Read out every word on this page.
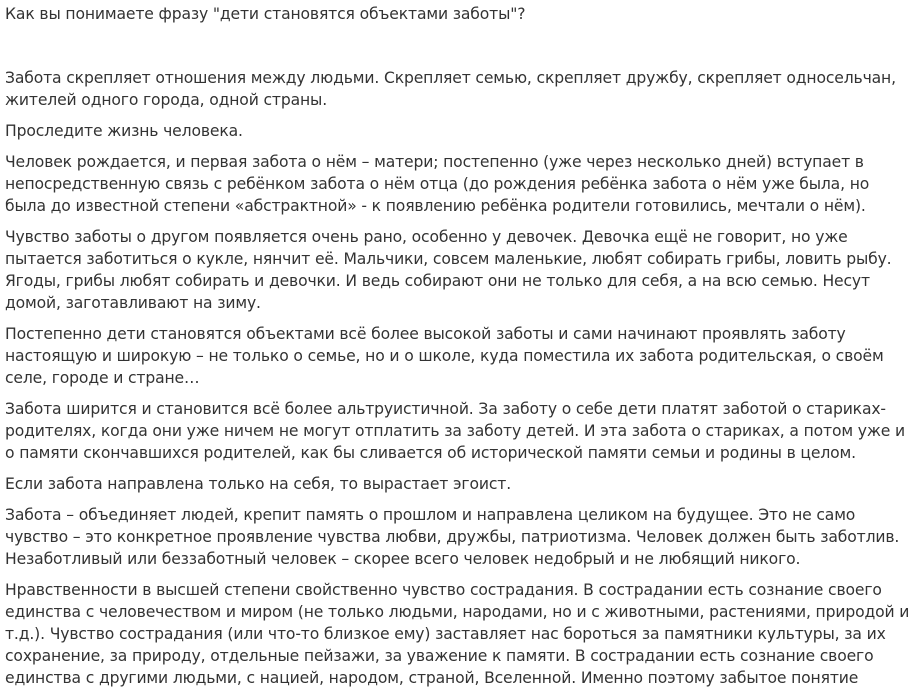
Как вы понимаете фразу "дети становятся объектами заботы"?

Забота скрепляет отношения между людьми. Скрепляет семью, скрепляет дружбу, скрепляет односельчан, жителей одного города, одной страны.

Проследите жизнь человека.

Человек рождается, и первая забота о нём – матери; постепенно (уже через несколько дней) вступает в непосредственную связь с ребёнком забота о нём отца (до рождения ребёнка забота о нём уже была, но была до известной степени «абстрактной» - к появлению ребёнка родители готовились, мечтали о нём).

Чувство заботы о другом появляется очень рано, особенно у девочек. Девочка ещё не говорит, но уже пытается заботиться о кукле, нянчит её. Мальчики, совсем маленькие, любят собирать грибы, ловить рыбу. Ягоды, грибы любят собирать и девочки. И ведь собирают они не только для себя, а на всю семью. Несут домой, заготавливают на зиму.

Постепенно дети становятся объектами всё более высокой заботы и сами начинают проявлять заботу настоящую и широкую – не только о семье, но и о школе, куда поместила их забота родительская, о своём селе, городе и стране…

Забота ширится и становится всё более альтруистичной. За заботу о себе дети платят заботой о стариках-родителях, когда они уже ничем не могут отплатить за заботу детей. И эта забота о стариках, а потом уже и о памяти скончавшихся родителей, как бы сливается об исторической памяти семьи и родины в целом.

Если забота направлена только на себя, то вырастает эгоист.

Забота – объединяет людей, крепит память о прошлом и направлена целиком на будущее. Это не само чувство – это конкретное проявление чувства любви, дружбы, патриотизма. Человек должен быть заботлив. Незаботливый или беззаботный человек – скорее всего человек недобрый и не любящий никого.

Нравственности в высшей степени свойственно чувство сострадания. В сострадании есть сознание своего единства с человечеством и миром (не только людьми, народами, но и с животными, растениями, природой и т.д.). Чувство сострадания (или что-то близкое ему) заставляет нас бороться за памятники культуры, за их сохранение, за природу, отдельные пейзажи, за уважение к памяти. В сострадании есть сознание своего единства с другими людьми, с нацией, народом, страной, Вселенной. Именно поэтому забытое понятие
